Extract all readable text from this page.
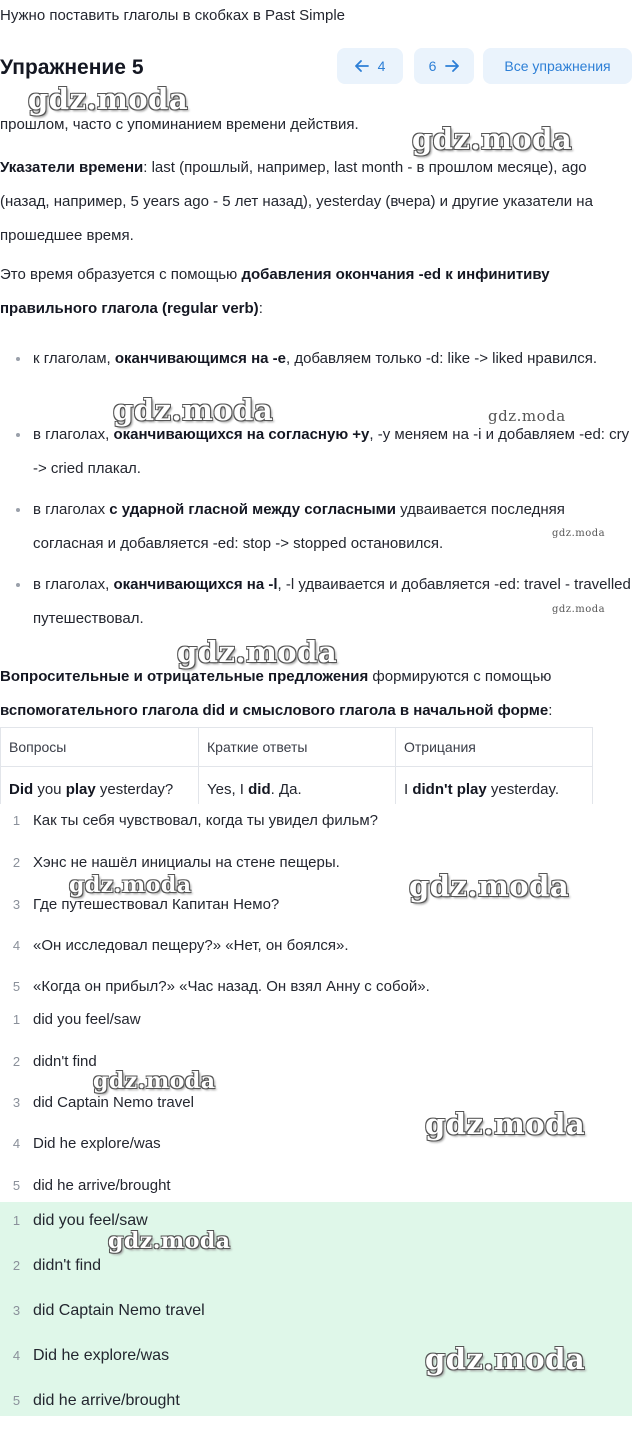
Нужно поставить глаголы в скобках в Past Simple
Упражнение 5	4	6	Все упражнения

прошлом, часто с упоминанием времени действия.

Указатели времени: last (прошлый, например, last month - в прошлом месяце), ago (назад, например, 5 years ago - 5 лет назад), yesterday (вчера) и другие указатели на прошедшее время.

Это время образуется с помощью добавления окончания -ed к инфинитиву правильного глагола (regular verb):

к глаголам, оканчивающимся на -e, добавляем только -d: like -> liked нравился.
в глаголах, оканчивающихся на согласную +y, -y меняем на -i и добавляем -ed: cry -> cried плакал.
в глаголах с ударной гласной между согласными удваивается последняя согласная и добавляется -ed: stop -> stopped остановился.
в глаголах, оканчивающихся на -l, -l удваивается и добавляется -ed: travel - travelled путешествовал.

Вопросительные и отрицательные предложения формируются с помощью вспомогательного глагола did и смыслового глагола в начальной форме:

Вопросы	Краткие ответы	Отрицания
Did you play yesterday?	Yes, I did. Да.	I didn't play yesterday.
1 Как ты себя чувствовал, когда ты увидел фильм?
2 Хэнс не нашёл инициалы на стене пещеры.
3 Где путешествовал Капитан Немо?
4 «Он исследовал пещеру?» «Нет, он боялся».
5 «Когда он прибыл?» «Час назад. Он взял Анну с собой».
1 did you feel/saw
2 didn't find
3 did Captain Nemo travel
4 Did he explore/was
5 did he arrive/brought
1 did you feel/saw
2 didn't find
3 did Captain Nemo travel
4 Did he explore/was
5 did he arrive/brought
gdz.moda
gdz.moda
gdz.moda	gdz.moda
gdz.moda
gdz.moda
gdz.moda
gdz.moda	gdz.moda
gdz.moda
gdz.moda
gdz.moda
gdz.moda
